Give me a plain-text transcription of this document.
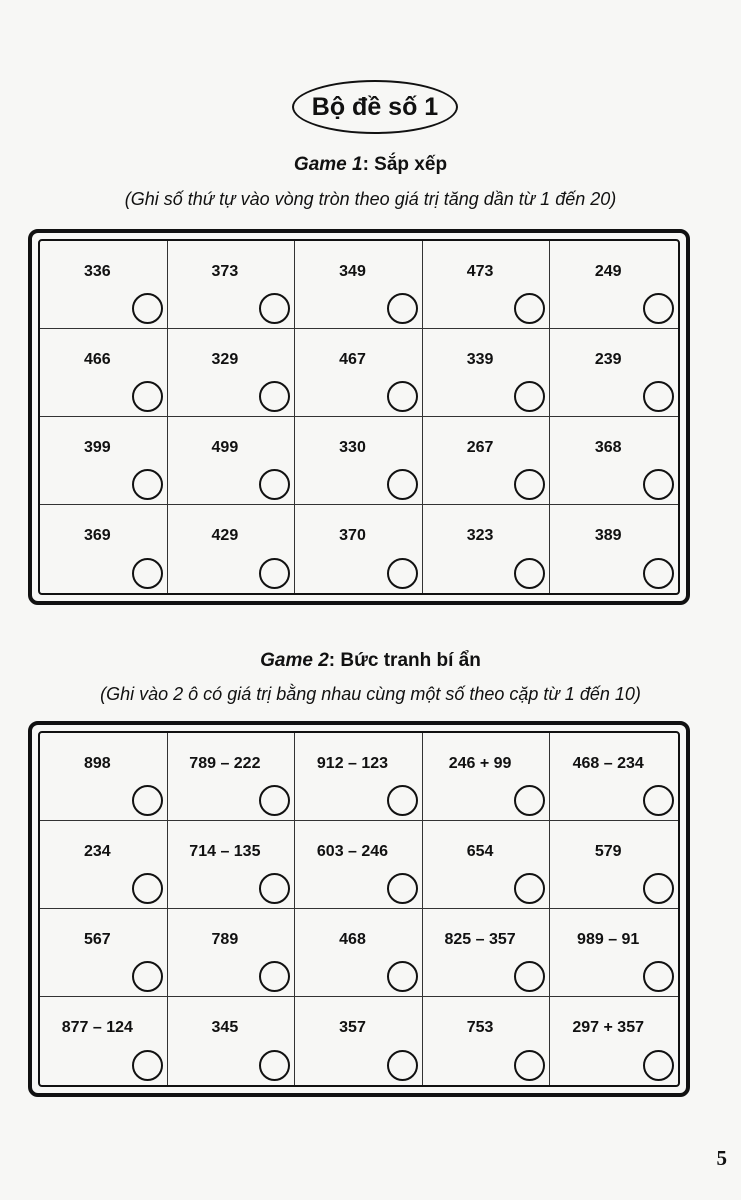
Bộ đề số 1
Game 1: Sắp xếp
(Ghi số thứ tự vào vòng tròn theo giá trị tăng dần từ 1 đến 20)
336	373	349	473	249
466	329	467	339	239
399	499	330	267	368
369	429	370	323	389
Game 2: Bức tranh bí ẩn
(Ghi vào 2 ô có giá trị bằng nhau cùng một số theo cặp từ 1 đến 10)
898	789 – 222	912 – 123	246 + 99	468 – 234
234	714 – 135	603 – 246	654	579
567	789	468	825 – 357	989 – 91
877 – 124	345	357	753	297 + 357
5
